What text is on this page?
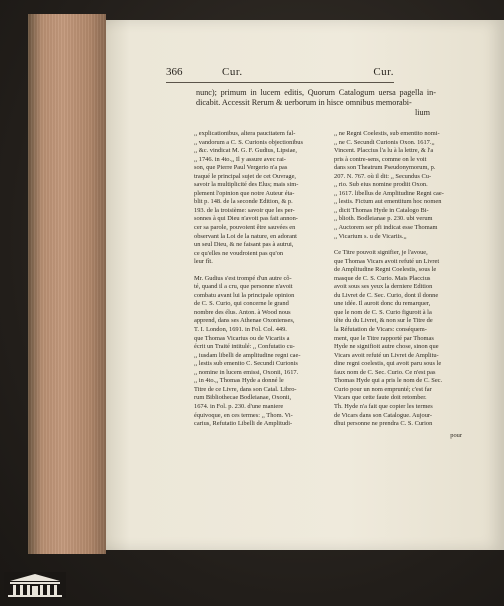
366	Cur.	Cur.
nunc); primum in lucem editis, Quorum Catalogum uersa pagella in- dicabit. Accessit Rerum & uerborum in hisce omnibus memorabi-
lium

,, explicationibus, altera paucitatem fal-

,, vandorum a C. S. Curionis objectionibus

,, &c. vindicat M. G. F. Gudius, Lipsiae,

,, 1746. in 4to.,, Il y assure avec rai-

son, que Pierre Paul Vergerio n'a pas

traqué le principal sujet de cet Ouvrage,

savoir la multiplicité des Elus; mais sim-

plement l'opinion que notre Auteur éta-

blit p. 148. de la seconde Edition, & p.

193. de la troisième: savoir que les per-

sonnes à qui Dieu n'avoit pas fait annon-

cer sa parole, pouvoient être sauvées en

observant la Loi de la nature, en adorant

un seul Dieu, & ne faisant pas à autrui,

ce qu'elles ne voudroient pas qu'on

leur fît.

Mr. Gudius s'est trompé d'un autre cô-

té, quand il a cru, que personne n'avoit

combatu avant lui la principale opinion

de C. S. Curio, qui concerne le grand

nombre des élus. Anton. à Wood nous

apprend, dans ses Athenae Oxonienses,

T. I. London, 1691. in Fol. Col. 449.

que Thomas Vicarius ou de Vicariis a

écrit un Traité intitulé: ,, Confutatio cu-

,, iusdam libelli de amplitudine regni cae-

,, lestis sub emenito C. Secundi Curionis

,, nomine in lucem emissi, Oxonii, 1617.

,, in 4to.,, Thomas Hyde a donné le

Titre de ce Livre, dans son Catal. Libro-

rum Bibliothecae Bodleianae, Oxonii,

1674. in Fol. p. 230. d'une maniere

équivoque, en ces termes: ,, Thom. Vi-

carius, Refutatio Libelli de Amplitudi-

,, ne Regni Coelestis, sub ementito nomi-

,, ne C. Secundi Curionis Oxon. 1617.,,

Vincent. Placcius l'a lu à la lettre, & l'a

pris à contre-sens, comme on le voit

dans son Theatrum Pseudonymorum, p.

207. N. 767. où il dit: ,, Secundus Cu-

,, rio. Sub eius nomine prodiit Oxon.

,, 1617. libellus de Amplitudine Regni cae-

,, lestis. Fictum aut ementitum hoc nomen

,, dicit Thomas Hyde in Catalogo Bi-

,, blioth. Bodleianae p. 230. ubi verum

,, Auctorem ser pfi indicat esse Thomam

,, Vicarium s. u de Vicariis.,,

Ce Titre pouvoit signifier, je l'avoue,

que Thomas Vicars avoit refuté un Livret

de Amplitudine Regni Coelestis, sous le

masque de C. S. Curio. Mais Placcius

avoit sous ses yeux la derniere Edition

du Livret de C. Sec. Curio, dont il donne

une idée. Il auroit donc du remarquer,

que le nom de C. S. Curio figuroit à la

tête du du Livret, & non sur le Titre de

la Réfutation de Vicars: conséquem-

ment, que le Titre rapporté par Thomas

Hyde ne signifioit autre chose, sinon que

Vicars avoit refuté un Livret de Amplitu-

dine regni coelestis, qui avoit paru sous le

faux nom de C. Sec. Curio. Ce n'est pas

Thomas Hyde qui a pris le nom de C. Sec.

Curio pour un nom emprunté; c'est far

Vicars que cette faute doit retomber.

Th. Hyde n'a fait que copier les termes

de Vicars dans son Catalogue. Aujour-

dhui personne ne prendra C. S. Curion

pour
